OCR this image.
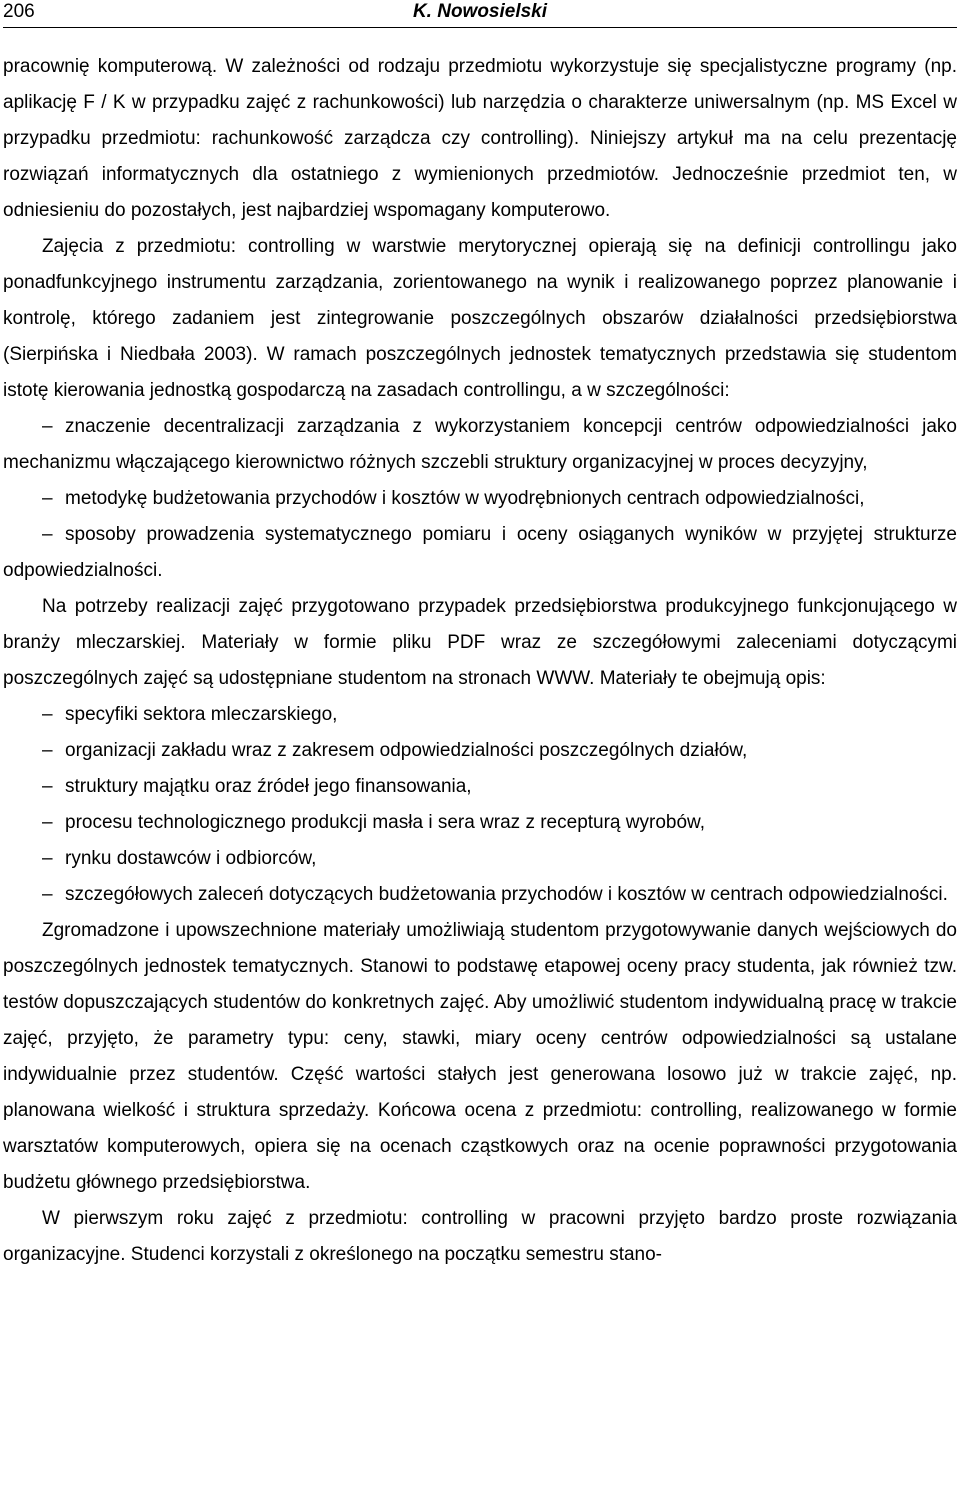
206	K. Nowosielski

pracownię komputerową. W zależności od rodzaju przedmiotu wykorzystuje się specjalistyczne programy (np. aplikację F / K w przypadku zajęć z rachunkowości) lub narzędzia o charakterze uniwersalnym (np. MS Excel w przypadku przedmiotu: rachunkowość zarządcza czy controlling). Niniejszy artykuł ma na celu prezentację rozwiązań informatycznych dla ostatniego z wymienionych przedmiotów. Jednocześnie przedmiot ten, w odniesieniu do pozostałych, jest najbardziej wspomagany komputerowo.

Zajęcia z przedmiotu: controlling w warstwie merytorycznej opierają się na definicji controllingu jako ponadfunkcyjnego instrumentu zarządzania, zorientowanego na wynik i realizowanego poprzez planowanie i kontrolę, którego zadaniem jest zintegrowanie poszczególnych obszarów działalności przedsiębiorstwa (Sierpińska i Niedbała 2003). W ramach poszczególnych jednostek tematycznych przedstawia się studentom istotę kierowania jednostką gospodarczą na zasadach controllingu, a w szczególności:

– znaczenie decentralizacji zarządzania z wykorzystaniem koncepcji centrów odpowiedzialności jako mechanizmu włączającego kierownictwo różnych szczebli struktury organizacyjnej w proces decyzyjny,

– metodykę budżetowania przychodów i kosztów w wyodrębnionych centrach odpowiedzialności,

– sposoby prowadzenia systematycznego pomiaru i oceny osiąganych wyników w przyjętej strukturze odpowiedzialności.

Na potrzeby realizacji zajęć przygotowano przypadek przedsiębiorstwa produkcyjnego funkcjonującego w branży mleczarskiej. Materiały w formie pliku PDF wraz ze szczegółowymi zaleceniami dotyczącymi poszczególnych zajęć są udostępniane studentom na stronach WWW. Materiały te obejmują opis:

– specyfiki sektora mleczarskiego,

– organizacji zakładu wraz z zakresem odpowiedzialności poszczególnych działów,

– struktury majątku oraz źródeł jego finansowania,

– procesu technologicznego produkcji masła i sera wraz z recepturą wyrobów,

– rynku dostawców i odbiorców,

– szczegółowych zaleceń dotyczących budżetowania przychodów i kosztów w centrach odpowiedzialności.

Zgromadzone i upowszechnione materiały umożliwiają studentom przygotowywanie danych wejściowych do poszczególnych jednostek tematycznych. Stanowi to podstawę etapowej oceny pracy studenta, jak również tzw. testów dopuszczających studentów do konkretnych zajęć. Aby umożliwić studentom indywidualną pracę w trakcie zajęć, przyjęto, że parametry typu: ceny, stawki, miary oceny centrów odpowiedzialności są ustalane indywidualnie przez studentów. Część wartości stałych jest generowana losowo już w trakcie zajęć, np. planowana wielkość i struktura sprzedaży. Końcowa ocena z przedmiotu: controlling, realizowanego w formie warsztatów komputerowych, opiera się na ocenach cząstkowych oraz na ocenie poprawności przygotowania budżetu głównego przedsiębiorstwa.

W pierwszym roku zajęć z przedmiotu: controlling w pracowni przyjęto bardzo proste rozwiązania organizacyjne. Studenci korzystali z określonego na początku semestru stano-
